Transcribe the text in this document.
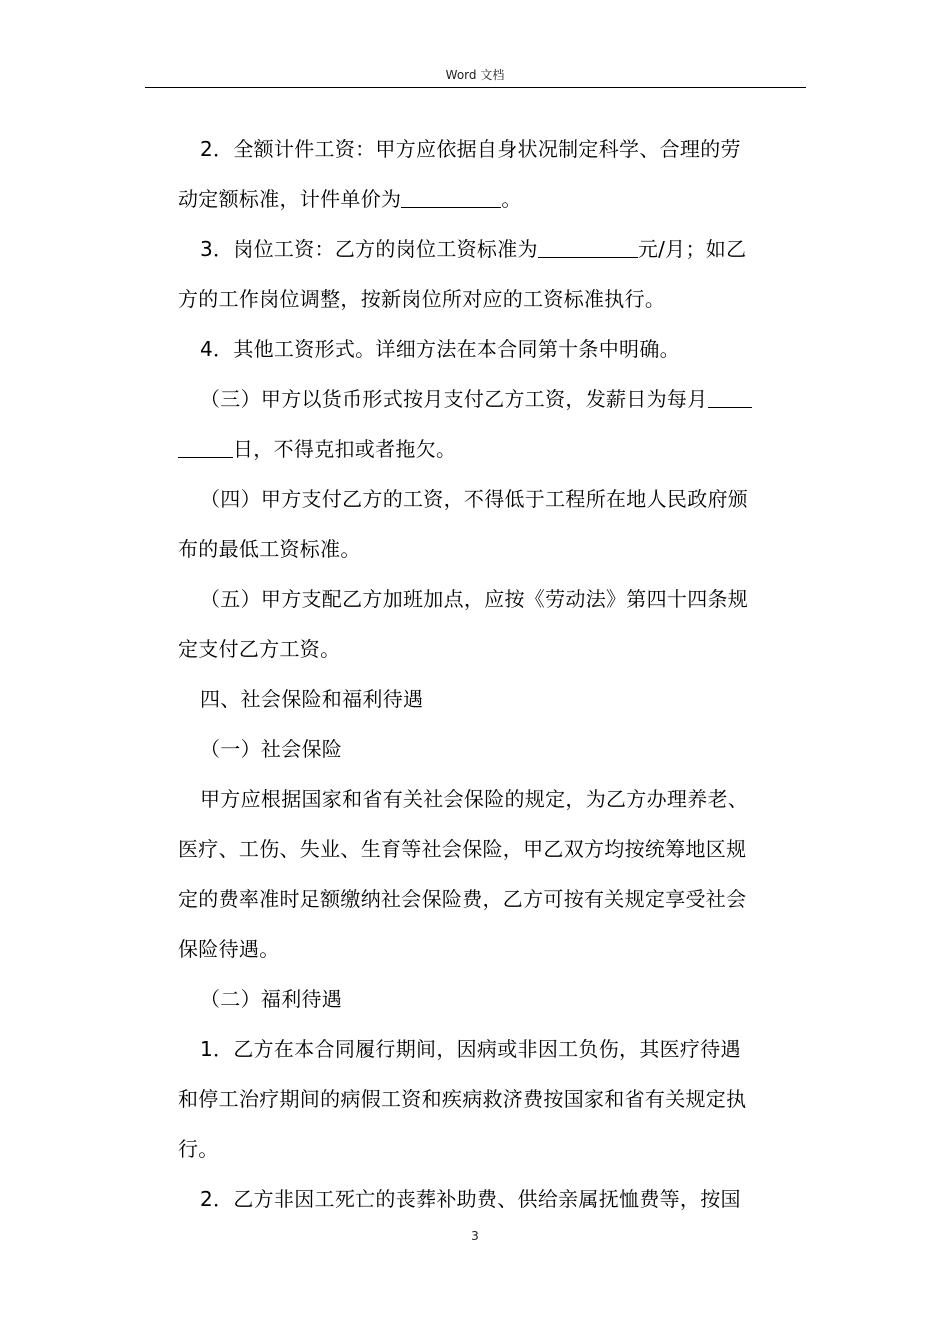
Word 文档
2．全额计件工资：甲方应依据自身状况制定科学、合理的劳
动定额标准，计件单价为	。
3．岗位工资：乙方的岗位工资标准为	元/月；如乙
方的工作岗位调整，按新岗位所对应的工资标准执行。
4．其他工资形式。详细方法在本合同第十条中明确。
（三）甲方以货币形式按月支付乙方工资，发薪日为每月
日，不得克扣或者拖欠。
（四）甲方支付乙方的工资，不得低于工程所在地人民政府颁
布的最低工资标准。
（五）甲方支配乙方加班加点，应按《劳动法》第四十四条规
定支付乙方工资。
四、社会保险和福利待遇
（一）社会保险
甲方应根据国家和省有关社会保险的规定，为乙方办理养老、
医疗、工伤、失业、生育等社会保险，甲乙双方均按统筹地区规
定的费率准时足额缴纳社会保险费，乙方可按有关规定享受社会
保险待遇。
（二）福利待遇
1．乙方在本合同履行期间，因病或非因工负伤，其医疗待遇
和停工治疗期间的病假工资和疾病救济费按国家和省有关规定执
行。
2．乙方非因工死亡的丧葬补助费、供给亲属抚恤费等，按国
3
